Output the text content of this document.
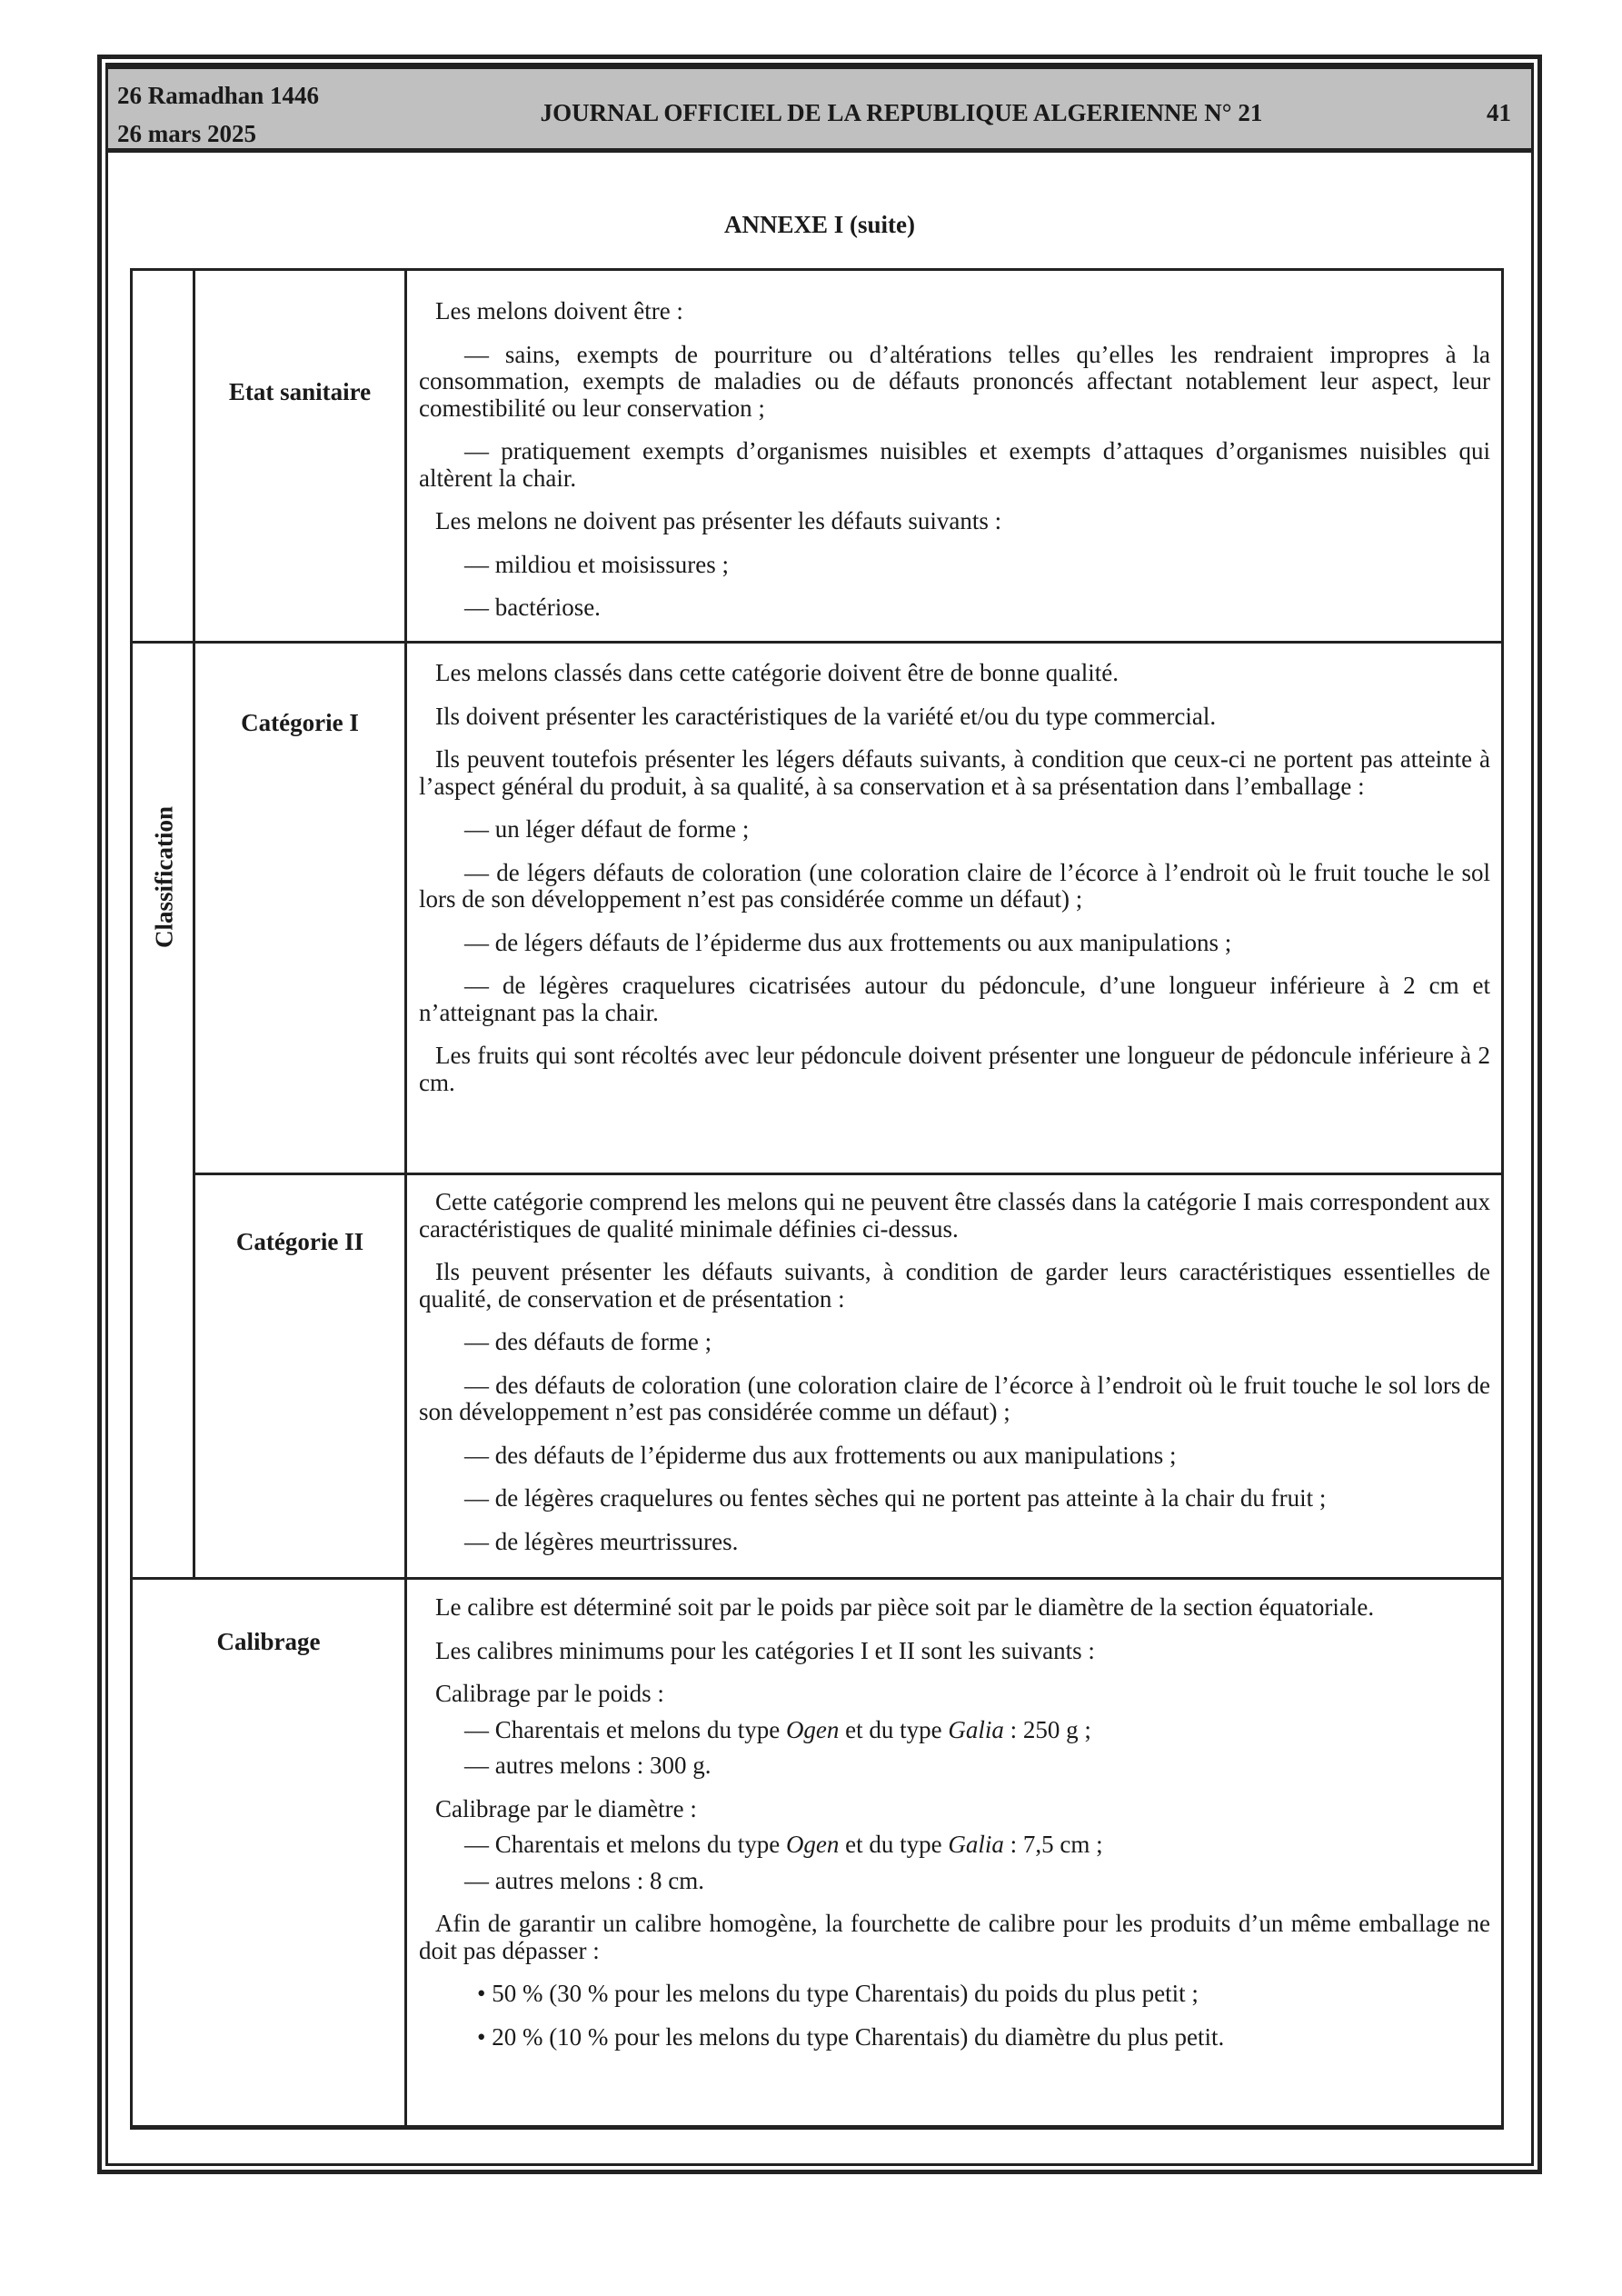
26 Ramadhan 1446
26 mars 2025
JOURNAL OFFICIEL DE LA REPUBLIQUE ALGERIENNE N° 21	41
ANNEXE I (suite)
Classification
Etat sanitaire
Catégorie I
Catégorie II
Calibrage

Les melons doivent être :

— sains, exempts de pourriture ou d’altérations telles qu’elles les rendraient impropres à la consommation, exempts de maladies ou de défauts prononcés affectant notablement leur aspect, leur comestibilité ou leur conservation ;

— pratiquement exempts d’organismes nuisibles et exempts d’attaques d’organismes nuisibles qui altèrent la chair.

Les melons ne doivent pas présenter les défauts suivants :

— mildiou et moisissures ;

— bactériose.

Les melons classés dans cette catégorie doivent être de bonne qualité.

Ils doivent présenter les caractéristiques de la variété et/ou du type commercial.

Ils peuvent toutefois présenter les légers défauts suivants, à condition que ceux-ci ne portent pas atteinte à l’aspect général du produit, à sa qualité, à sa conservation et à sa présentation dans l’emballage :

— un léger défaut de forme ;

— de légers défauts de coloration (une coloration claire de l’écorce à l’endroit où le fruit touche le sol lors de son développement n’est pas considérée comme un défaut) ;

— de légers défauts de l’épiderme dus aux frottements ou aux manipulations ;

— de légères craquelures cicatrisées autour du pédoncule, d’une longueur inférieure à 2 cm et n’atteignant pas la chair.

Les fruits qui sont récoltés avec leur pédoncule doivent présenter une longueur de pédoncule inférieure à 2 cm.

Cette catégorie comprend les melons qui ne peuvent être classés dans la catégorie I mais correspondent aux caractéristiques de qualité minimale définies ci-dessus.

Ils peuvent présenter les défauts suivants, à condition de garder leurs caractéristiques essentielles de qualité, de conservation et de présentation :

— des défauts de forme ;

— des défauts de coloration (une coloration claire de l’écorce à l’endroit où le fruit touche le sol lors de son développement n’est pas considérée comme un défaut) ;

— des défauts de l’épiderme dus aux frottements ou aux manipulations ;

— de légères craquelures ou fentes sèches qui ne portent pas atteinte à la chair du fruit ;

— de légères meurtrissures.

Le calibre est déterminé soit par le poids par pièce soit par le diamètre de la section équatoriale.

Les calibres minimums pour les catégories I et II sont les suivants :

Calibrage par le poids :

— Charentais et melons du type Ogen et du type Galia : 250 g ;

— autres melons : 300 g.

Calibrage par le diamètre :

— Charentais et melons du type Ogen et du type Galia : 7,5 cm ;

— autres melons : 8 cm.

Afin de garantir un calibre homogène, la fourchette de calibre pour les produits d’un même emballage ne doit pas dépasser :

• 50 % (30 % pour les melons du type Charentais) du poids du plus petit ;

• 20 % (10 % pour les melons du type Charentais) du diamètre du plus petit.
